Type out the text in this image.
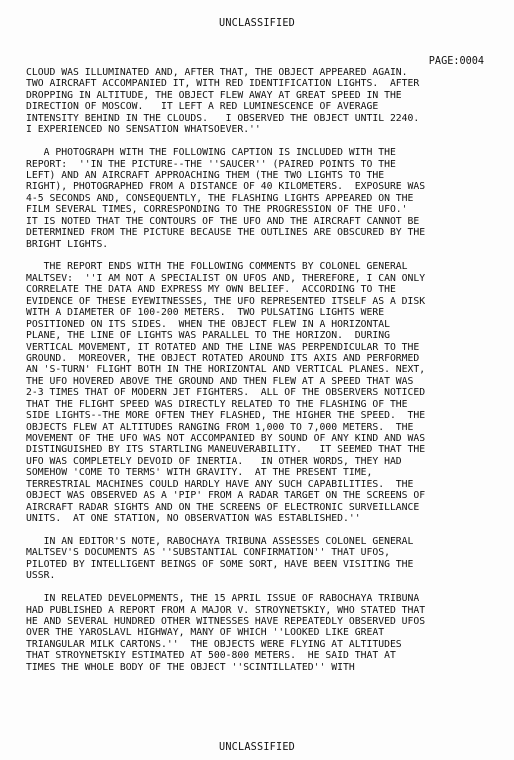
UNCLASSIFIED
PAGE:0004
CLOUD WAS ILLUMINATED AND, AFTER THAT, THE OBJECT APPEARED AGAIN.
TWO AIRCRAFT ACCOMPANIED IT, WITH RED IDENTIFICATION LIGHTS.  AFTER
DROPPING IN ALTITUDE, THE OBJECT FLEW AWAY AT GREAT SPEED IN THE
DIRECTION OF MOSCOW.   IT LEFT A RED LUMINESCENCE OF AVERAGE
INTENSITY BEHIND IN THE CLOUDS.   I OBSERVED THE OBJECT UNTIL 2240.
I EXPERIENCED NO SENSATION WHATSOEVER.''
A PHOTOGRAPH WITH THE FOLLOWING CAPTION IS INCLUDED WITH THE
REPORT:  ''IN THE PICTURE--THE ''SAUCER'' (PAIRED POINTS TO THE
LEFT) AND AN AIRCRAFT APPROACHING THEM (THE TWO LIGHTS TO THE
RIGHT), PHOTOGRAPHED FROM A DISTANCE OF 40 KILOMETERS.  EXPOSURE WAS
4-5 SECONDS AND, CONSEQUENTLY, THE FLASHING LIGHTS APPEARED ON THE
FILM SEVERAL TIMES, CORRESPONDING TO THE PROGRESSION OF THE UFO.'
IT IS NOTED THAT THE CONTOURS OF THE UFO AND THE AIRCRAFT CANNOT BE
DETERMINED FROM THE PICTURE BECAUSE THE OUTLINES ARE OBSCURED BY THE
BRIGHT LIGHTS.
THE REPORT ENDS WITH THE FOLLOWING COMMENTS BY COLONEL GENERAL
MALTSEV:  ''I AM NOT A SPECIALIST ON UFOS AND, THEREFORE, I CAN ONLY
CORRELATE THE DATA AND EXPRESS MY OWN BELIEF.  ACCORDING TO THE
EVIDENCE OF THESE EYEWITNESSES, THE UFO REPRESENTED ITSELF AS A DISK
WITH A DIAMETER OF 100-200 METERS.  TWO PULSATING LIGHTS WERE
POSITIONED ON ITS SIDES.  WHEN THE OBJECT FLEW IN A HORIZONTAL
PLANE, THE LINE OF LIGHTS WAS PARALLEL TO THE HORIZON.  DURING
VERTICAL MOVEMENT, IT ROTATED AND THE LINE WAS PERPENDICULAR TO THE
GROUND.  MOREOVER, THE OBJECT ROTATED AROUND ITS AXIS AND PERFORMED
AN 'S-TURN' FLIGHT BOTH IN THE HORIZONTAL AND VERTICAL PLANES. NEXT,
THE UFO HOVERED ABOVE THE GROUND AND THEN FLEW AT A SPEED THAT WAS
2-3 TIMES THAT OF MODERN JET FIGHTERS.  ALL OF THE OBSERVERS NOTICED
THAT THE FLIGHT SPEED WAS DIRECTLY RELATED TO THE FLASHING OF THE
SIDE LIGHTS--THE MORE OFTEN THEY FLASHED, THE HIGHER THE SPEED.  THE
OBJECTS FLEW AT ALTITUDES RANGING FROM 1,000 TO 7,000 METERS.  THE
MOVEMENT OF THE UFO WAS NOT ACCOMPANIED BY SOUND OF ANY KIND AND WAS
DISTINGUISHED BY ITS STARTLING MANEUVERABILITY.   IT SEEMED THAT THE
UFO WAS COMPLETELY DEVOID OF INERTIA.   IN OTHER WORDS, THEY HAD
SOMEHOW 'COME TO TERMS' WITH GRAVITY.  AT THE PRESENT TIME,
TERRESTRIAL MACHINES COULD HARDLY HAVE ANY SUCH CAPABILITIES.  THE
OBJECT WAS OBSERVED AS A 'PIP' FROM A RADAR TARGET ON THE SCREENS OF
AIRCRAFT RADAR SIGHTS AND ON THE SCREENS OF ELECTRONIC SURVEILLANCE
UNITS.  AT ONE STATION, NO OBSERVATION WAS ESTABLISHED.''
IN AN EDITOR'S NOTE, RABOCHAYA TRIBUNA ASSESSES COLONEL GENERAL
MALTSEV'S DOCUMENTS AS ''SUBSTANTIAL CONFIRMATION'' THAT UFOS,
PILOTED BY INTELLIGENT BEINGS OF SOME SORT, HAVE BEEN VISITING THE
USSR.
IN RELATED DEVELOPMENTS, THE 15 APRIL ISSUE OF RABOCHAYA TRIBUNA
HAD PUBLISHED A REPORT FROM A MAJOR V. STROYNETSKIY, WHO STATED THAT
HE AND SEVERAL HUNDRED OTHER WITNESSES HAVE REPEATEDLY OBSERVED UFOS
OVER THE YAROSLAVL HIGHWAY, MANY OF WHICH ''LOOKED LIKE GREAT
TRIANGULAR MILK CARTONS.''  THE OBJECTS WERE FLYING AT ALTITUDES
THAT STROYNETSKIY ESTIMATED AT 500-800 METERS.  HE SAID THAT AT
TIMES THE WHOLE BODY OF THE OBJECT ''SCINTILLATED'' WITH
UNCLASSIFIED
